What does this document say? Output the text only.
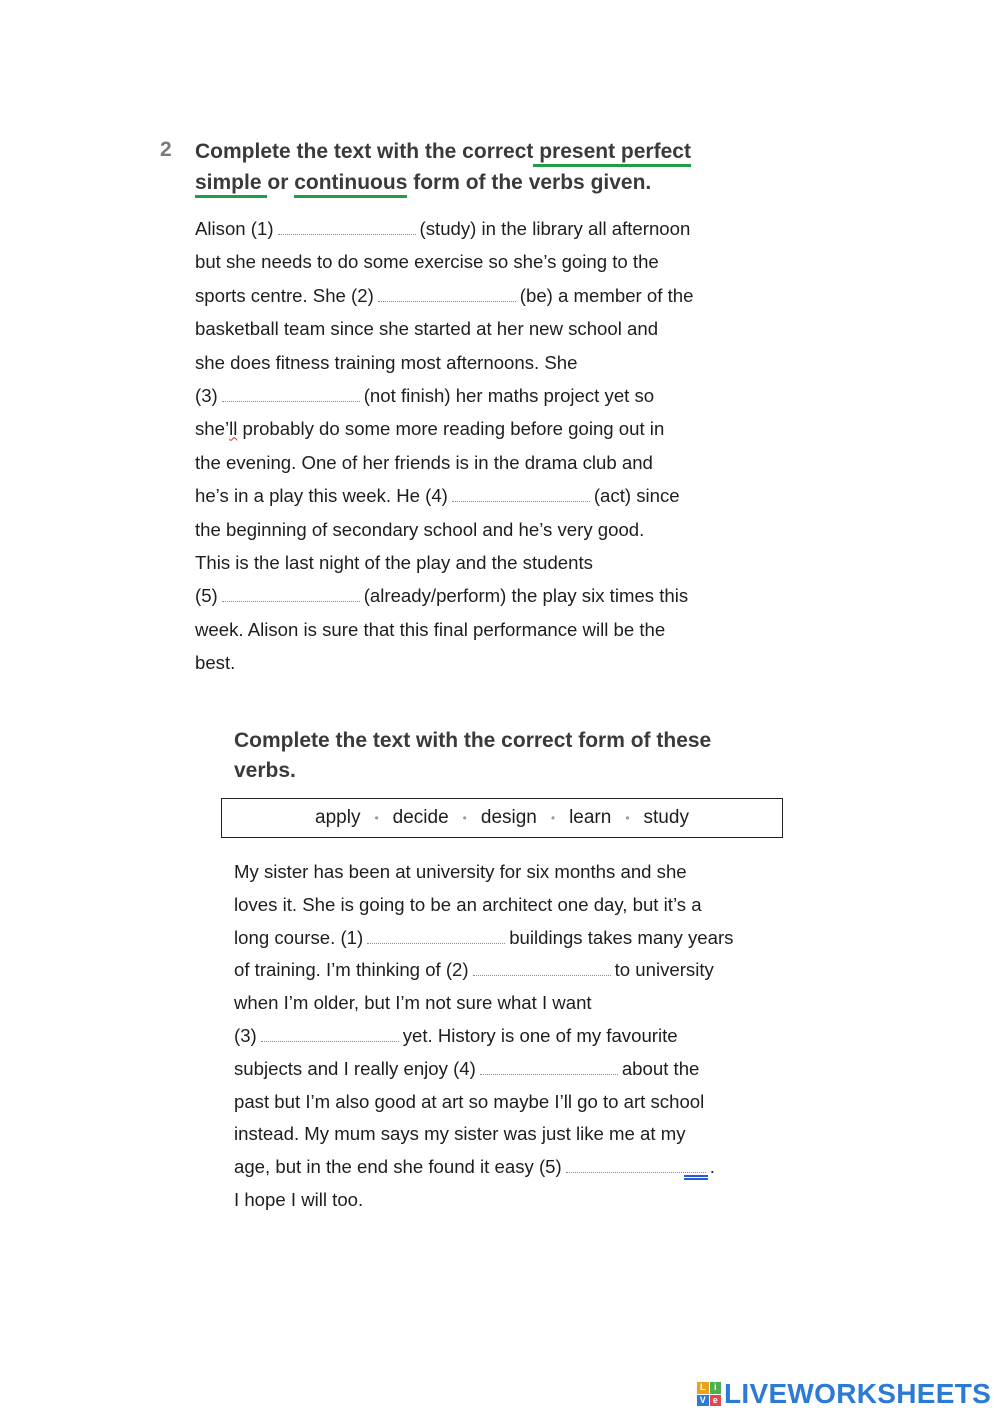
2 Complete the text with the correct present perfect
simple or continuous form of the verbs given.
Alison (1)	(study) in the library all afternoon
but she needs to do some exercise so she’s going to the
sports centre. She (2)	(be) a member of the
basketball team since she started at her new school and
she does fitness training most afternoons. She
(3)	(not finish) her maths project yet so
she’ll probably do some more reading before going out in
the evening. One of her friends is in the drama club and
he’s in a play this week. He (4)	(act) since
the beginning of secondary school and he’s very good.
This is the last night of the play and the students
(5)	(already/perform) the play six times this
week. Alison is sure that this final performance will be the
best.
Complete the text with the correct form of these
verbs.
apply • decide • design • learn • study
My sister has been at university for six months and she
loves it. She is going to be an architect one day, but it’s a
long course. (1)	buildings takes many years
of training. I’m thinking of (2)	to university
when I’m older, but I’m not sure what I want
(3)	yet. History is one of my favourite
subjects and I really enjoy (4)	about the
past but I’m also good at art so maybe I’ll go to art school
instead. My mum says my sister was just like me at my
age, but in the end she found it easy (5)	.
I hope I will too.
L i
V e LIVEWORKSHEETS
